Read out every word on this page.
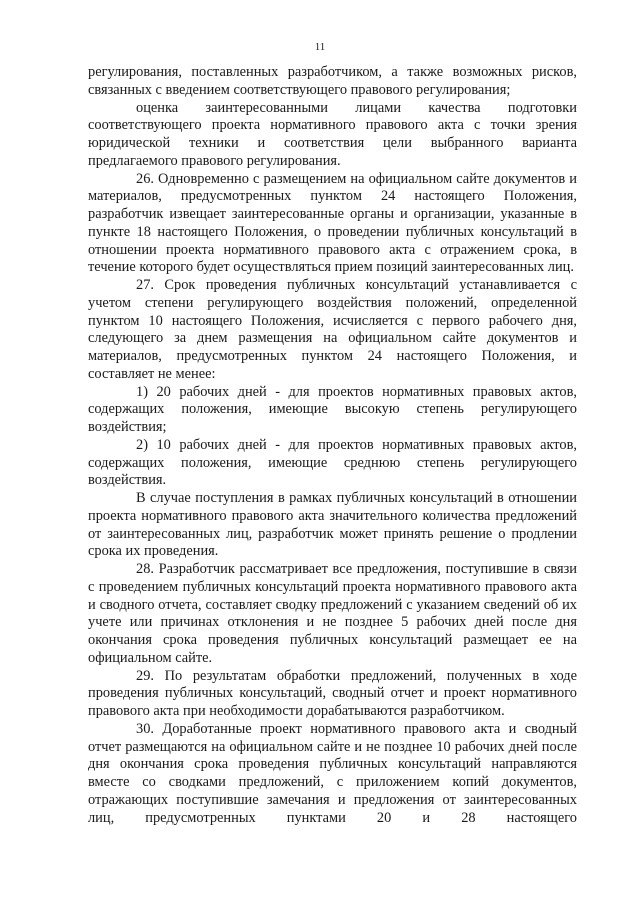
11

регулирования, поставленных разработчиком, а также возможных рисков, связанных с введением соответствующего правового регулирования;

оценка заинтересованными лицами качества подготовки соответствующего проекта нормативного правового акта с точки зрения юридической техники и соответствия цели выбранного варианта предлагаемого правового регулирования.

26. Одновременно с размещением на официальном сайте документов и материалов, предусмотренных пунктом 24 настоящего Положения, разработчик извещает заинтересованные органы и организации, указанные в пункте 18 настоящего Положения, о проведении публичных консультаций в отношении проекта нормативного правового акта с отражением срока, в течение которого будет осуществляться прием позиций заинтересованных лиц.

27. Срок проведения публичных консультаций устанавливается с учетом степени регулирующего воздействия положений, определенной пунктом 10 настоящего Положения, исчисляется с первого рабочего дня, следующего за днем размещения на официальном сайте документов и материалов, предусмотренных пунктом 24 настоящего Положения, и составляет не менее:

1) 20 рабочих дней - для проектов нормативных правовых актов, содержащих положения, имеющие высокую степень регулирующего воздействия;

2) 10 рабочих дней - для проектов нормативных правовых актов, содержащих положения, имеющие среднюю степень регулирующего воздействия.

В случае поступления в рамках публичных консультаций в отношении проекта нормативного правового акта значительного количества предложений от заинтересованных лиц, разработчик может принять решение о продлении срока их проведения.

28. Разработчик рассматривает все предложения, поступившие в связи с проведением публичных консультаций проекта нормативного правового акта и сводного отчета, составляет сводку предложений с указанием сведений об их учете или причинах отклонения и не позднее 5 рабочих дней после дня окончания срока проведения публичных консультаций размещает ее на официальном сайте.

29. По результатам обработки предложений, полученных в ходе проведения публичных консультаций, сводный отчет и проект нормативного правового акта при необходимости дорабатываются разработчиком.

30. Доработанные проект нормативного правового акта и сводный отчет размещаются на официальном сайте и не позднее 10 рабочих дней после дня окончания срока проведения публичных консультаций направляются вместе со сводками предложений, с приложением копий документов, отражающих поступившие замечания и предложения от заинтересованных лиц, предусмотренных пунктами 20 и 28 настоящего
